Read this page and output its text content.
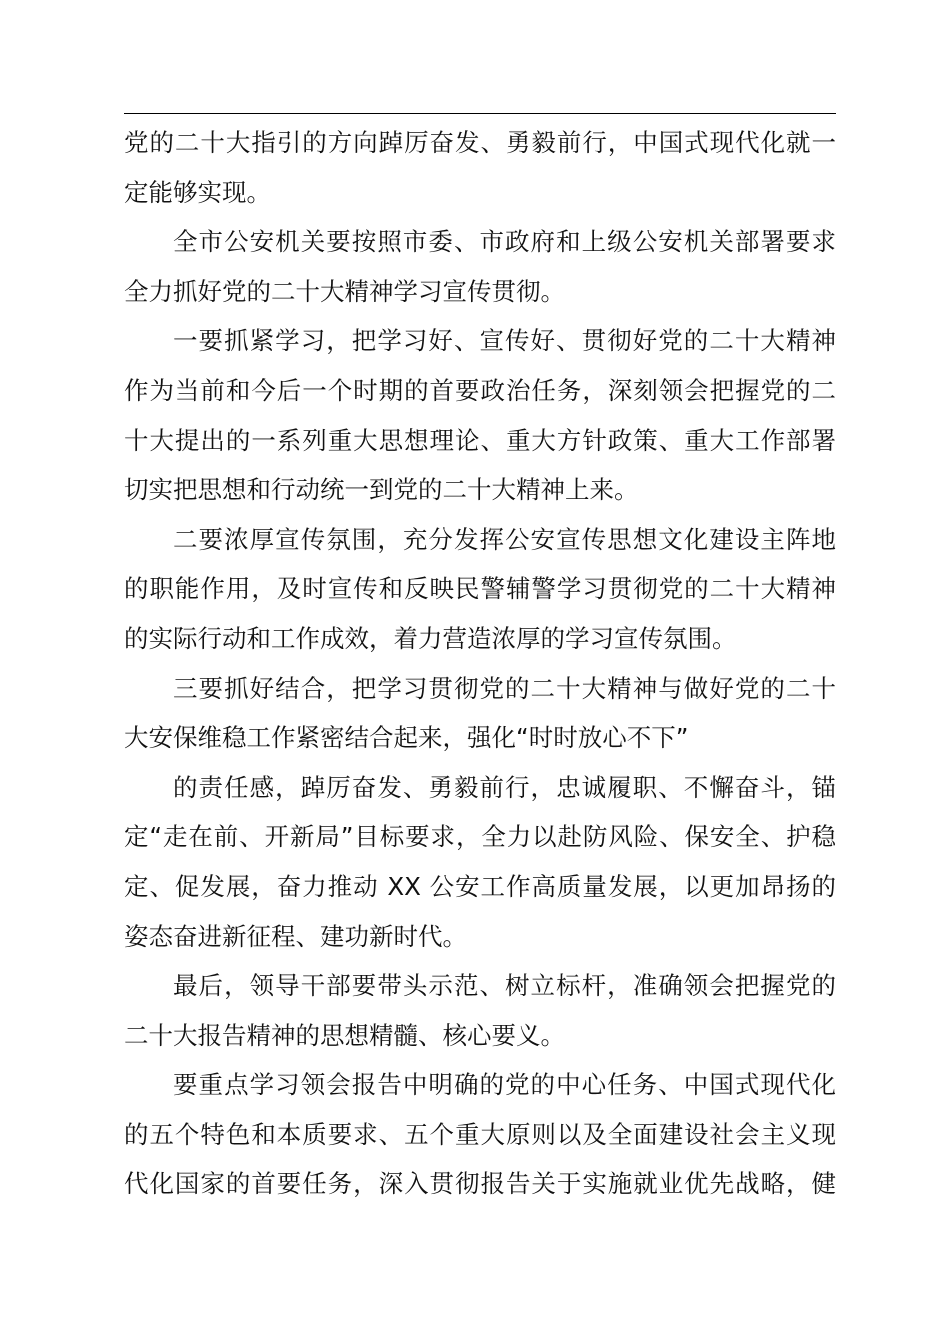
党的二十大指引的方向踔厉奋发、勇毅前行，中国式现代化就一
定能够实现。
全市公安机关要按照市委、市政府和上级公安机关部署要求
全力抓好党的二十大精神学习宣传贯彻。
一要抓紧学习，把学习好、宣传好、贯彻好党的二十大精神
作为当前和今后一个时期的首要政治任务，深刻领会把握党的二
十大提出的一系列重大思想理论、重大方针政策、重大工作部署
切实把思想和行动统一到党的二十大精神上来。
二要浓厚宣传氛围，充分发挥公安宣传思想文化建设主阵地
的职能作用，及时宣传和反映民警辅警学习贯彻党的二十大精神
的实际行动和工作成效，着力营造浓厚的学习宣传氛围。
三要抓好结合，把学习贯彻党的二十大精神与做好党的二十
大安保维稳工作紧密结合起来，强化“时时放心不下”
的责任感，踔厉奋发、勇毅前行，忠诚履职、不懈奋斗，锚
定“走在前、开新局”目标要求，全力以赴防风险、保安全、护稳
定、促发展，奋力推动 XX 公安工作高质量发展，以更加昂扬的
姿态奋进新征程、建功新时代。
最后，领导干部要带头示范、树立标杆，准确领会把握党的
二十大报告精神的思想精髓、核心要义。
要重点学习领会报告中明确的党的中心任务、中国式现代化
的五个特色和本质要求、五个重大原则以及全面建设社会主义现
代化国家的首要任务，深入贯彻报告关于实施就业优先战略，健
